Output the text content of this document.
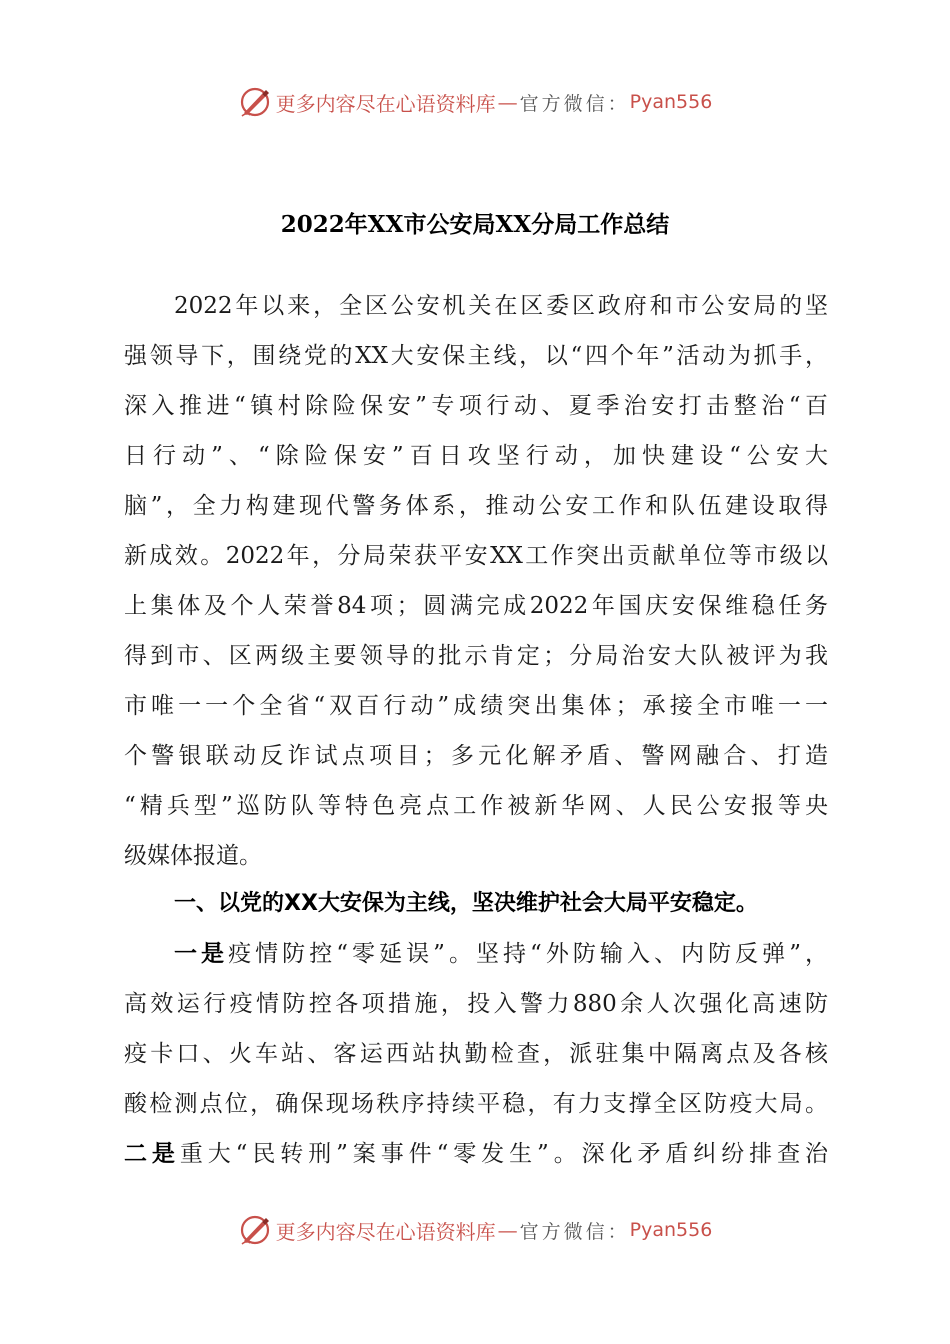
更多内容尽在心语资料库 — 官方微信： Pyan556
2022年XX市公安局XX分局工作总结
2022年以来，全区公安机关在区委区政府和市公安局的坚
强领导下，围绕党的XX大安保主线，以“四个年”活动为抓手，
深入推进“镇村除险保安”专项行动、夏季治安打击整治“百
日行动”、“除险保安”百日攻坚行动，加快建设“公安大
脑”，全力构建现代警务体系，推动公安工作和队伍建设取得
新成效。2022年，分局荣获平安XX工作突出贡献单位等市级以
上集体及个人荣誉84项；圆满完成2022年国庆安保维稳任务
得到市、区两级主要领导的批示肯定；分局治安大队被评为我
市唯一一个全省“双百行动”成绩突出集体；承接全市唯一一
个警银联动反诈试点项目；多元化解矛盾、警网融合、打造
“精兵型”巡防队等特色亮点工作被新华网、人民公安报等央
级媒体报道。
一、以党的XX大安保为主线，坚决维护社会大局平安稳定。
一是疫情防控“零延误”。坚持“外防输入、内防反弹”，
高效运行疫情防控各项措施，投入警力880余人次强化高速防
疫卡口、火车站、客运西站执勤检查，派驻集中隔离点及各核
酸检测点位，确保现场秩序持续平稳，有力支撑全区防疫大局。
二是重大“民转刑”案事件“零发生”。深化矛盾纠纷排查治
更多内容尽在心语资料库 — 官方微信： Pyan556
